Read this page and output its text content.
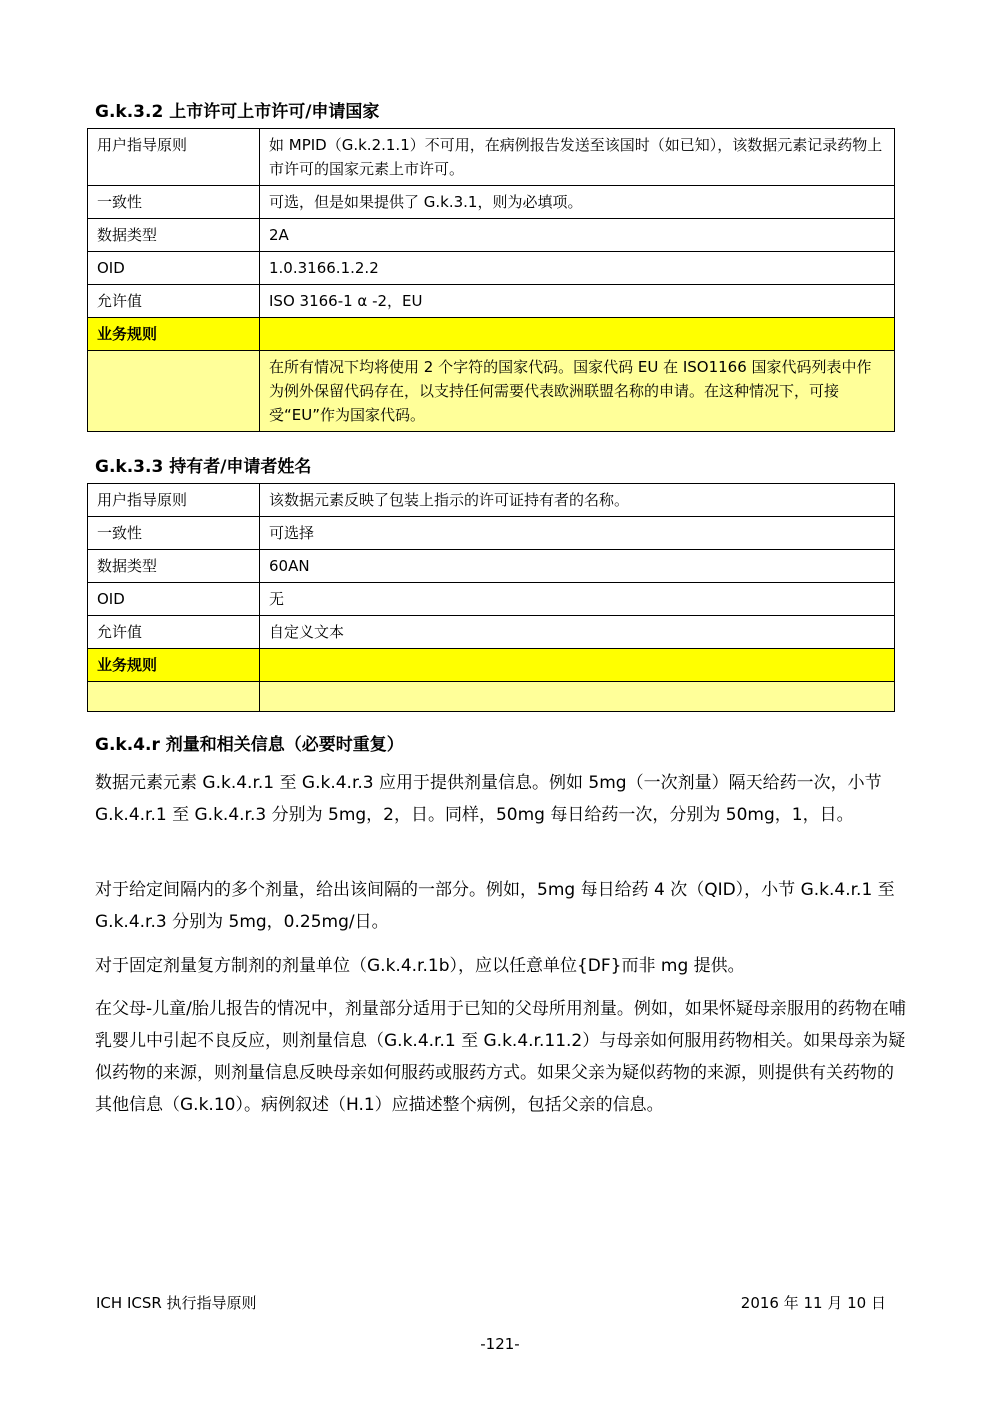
G.k.3.2 上市许可上市许可/申请国家
用户指导原则	如 MPID（G.k.2.1.1）不可用，在病例报告发送至该国时（如已知），该数据元素记录药物上市许可的国家元素上市许可。
一致性	可选，但是如果提供了 G.k.3.1，则为必填项。
数据类型	2A
OID	1.0.3166.1.2.2
允许值	ISO 3166-1 α -2，EU
业务规则	
	在所有情况下均将使用 2 个字符的国家代码。国家代码 EU 在 ISO1166 国家代码列表中作为例外保留代码存在，以支持任何需要代表欧洲联盟名称的申请。在这种情况下，可接受“EU”作为国家代码。
G.k.3.3 持有者/申请者姓名
用户指导原则	该数据元素反映了包装上指示的许可证持有者的名称。
一致性	可选择
数据类型	60AN
OID	无
允许值	自定义文本
业务规则	

G.k.4.r 剂量和相关信息（必要时重复）

数据元素元素 G.k.4.r.1 至 G.k.4.r.3 应用于提供剂量信息。例如 5mg（一次剂量）隔天给药一次，小节 G.k.4.r.1 至 G.k.4.r.3 分别为 5mg，2，日。同样，50mg 每日给药一次，分别为 50mg，1，日。

对于给定间隔内的多个剂量，给出该间隔的一部分。例如，5mg 每日给药 4 次（QID），小节 G.k.4.r.1 至 G.k.4.r.3 分别为 5mg，0.25mg/日。

对于固定剂量复方制剂的剂量单位（G.k.4.r.1b），应以任意单位{DF}而非 mg 提供。

在父母-儿童/胎儿报告的情况中，剂量部分适用于已知的父母所用剂量。例如，如果怀疑母亲服用的药物在哺乳婴儿中引起不良反应，则剂量信息（G.k.4.r.1 至 G.k.4.r.11.2）与母亲如何服用药物相关。如果母亲为疑似药物的来源，则剂量信息反映母亲如何服药或服药方式。如果父亲为疑似药物的来源，则提供有关药物的其他信息（G.k.10）。病例叙述（H.1）应描述整个病例，包括父亲的信息。

ICH ICSR 执行指导原则	2016 年 11 月 10 日
-121-
